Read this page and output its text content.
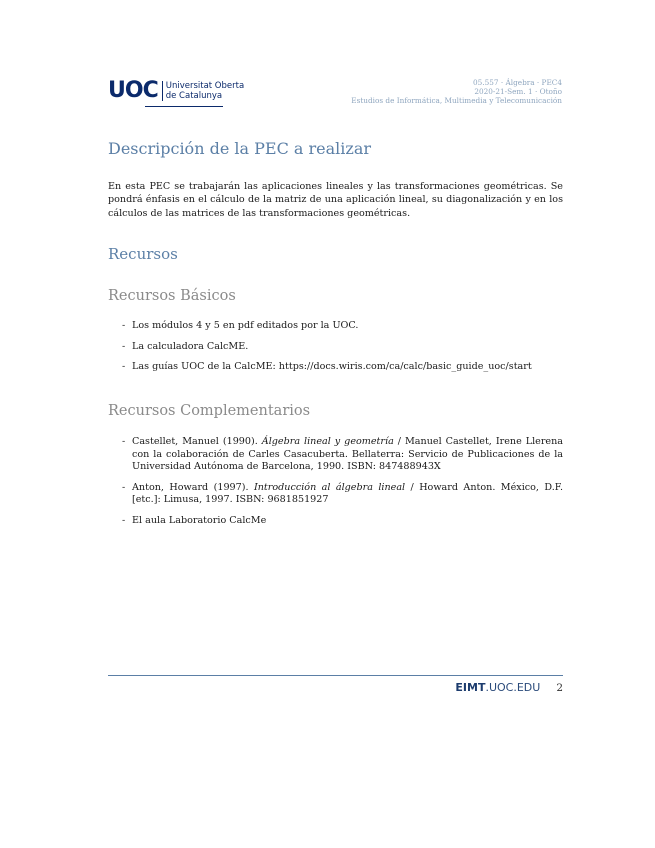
UOC Universitat Oberta
de Catalunya
05.557 · Álgebra · PEC4
2020-21-Sem. 1 · Otoño
Estudios de Informática, Multimedia y Telecomunicación
Descripción de la PEC a realizar
En esta PEC se trabajarán las aplicaciones lineales y las transformaciones geométricas. Se pondrá énfasis en el cálculo de la matriz de una aplicación lineal, su diagonalización y en los cálculos de las matrices de las transformaciones geométricas.
Recursos
Recursos Básicos
- Los módulos 4 y 5 en pdf editados por la UOC.
- La calculadora CalcME.
- Las guías UOC de la CalcME: https://docs.wiris.com/ca/calc/basic_guide_uoc/start
Recursos Complementarios
- Castellet, Manuel (1990). Álgebra lineal y geometría / Manuel Castellet, Irene Llerena con la colaboración de Carles Casacuberta. Bellaterra: Servicio de Publicaciones de la Universidad Autónoma de Barcelona, 1990. ISBN: 847488943X
- Anton, Howard (1997). Introducción al álgebra lineal / Howard Anton. México, D.F. [etc.]: Limusa, 1997. ISBN: 9681851927
- El aula Laboratorio CalcMe
EIMT.UOC.EDU 2
